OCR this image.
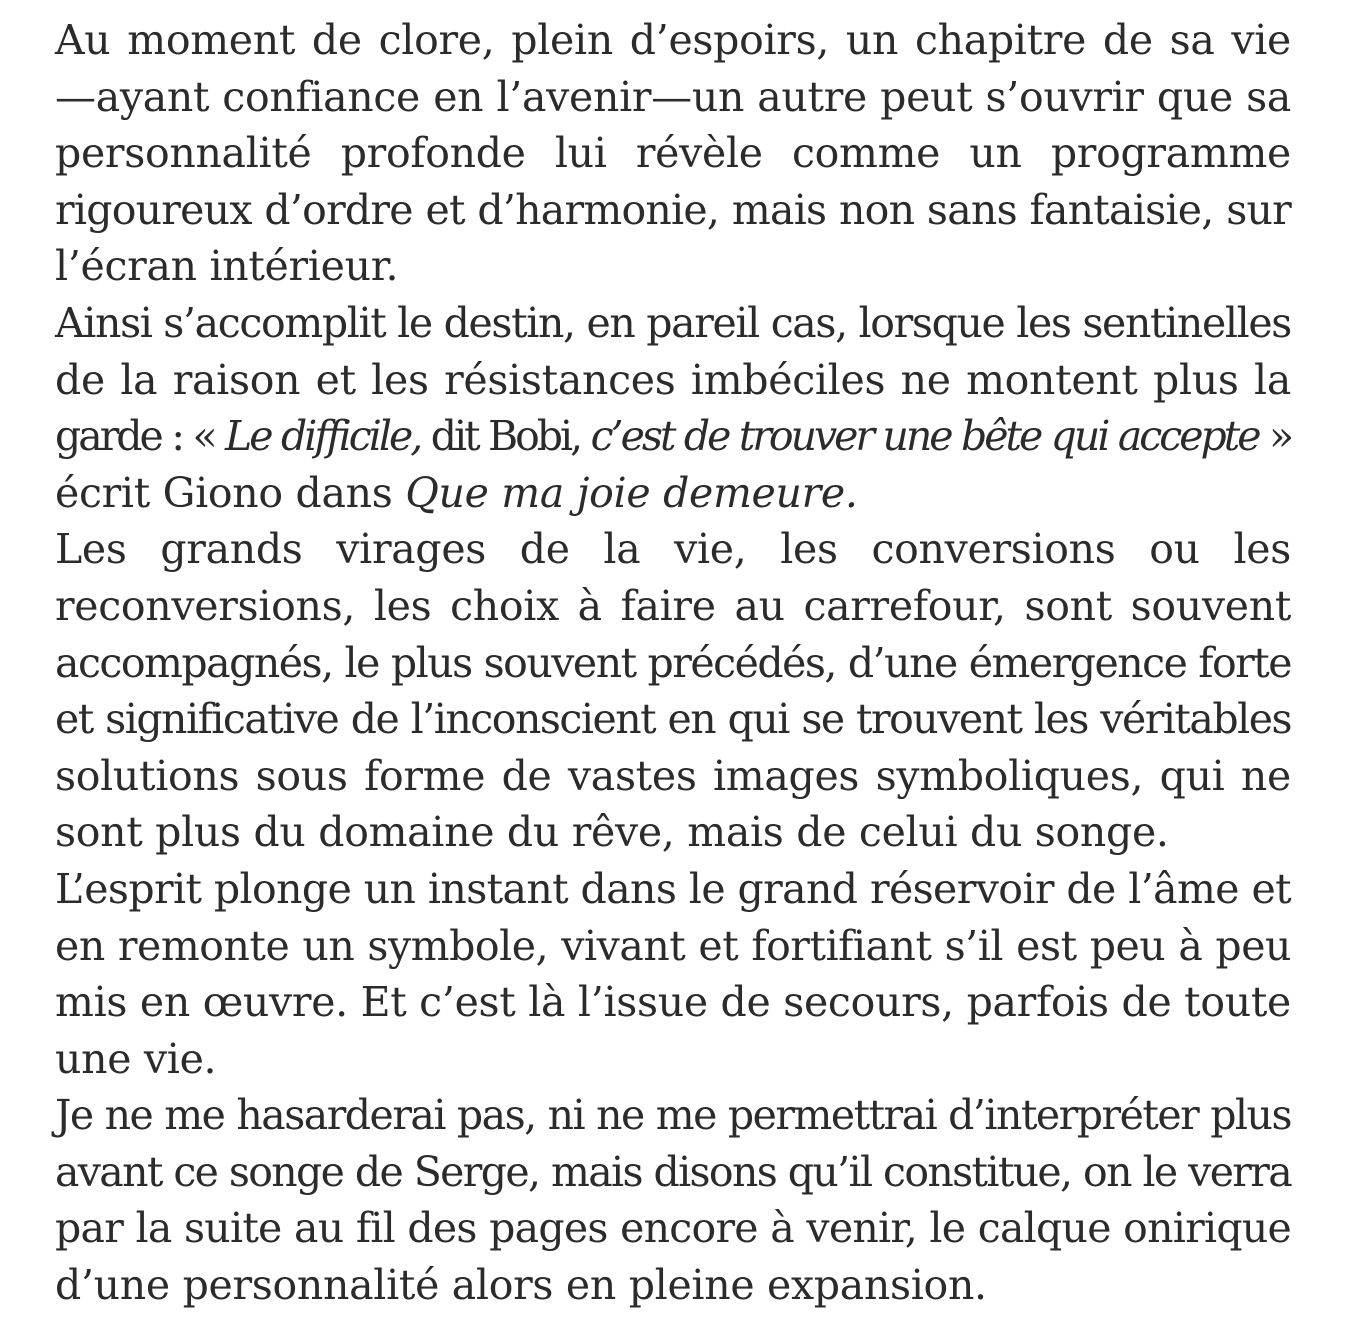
Au moment de clore, plein d’espoirs, un chapitre de sa vie
—ayant confiance en l’avenir—un autre peut s’ouvrir que sa
personnalité profonde lui révèle comme un programme
rigoureux d’ordre et d’harmonie, mais non sans fantaisie, sur
l’écran intérieur.
Ainsi s’accomplit le destin, en pareil cas, lorsque les sentinelles
de la raison et les résistances imbéciles ne montent plus la
garde : « Le difficile, dit Bobi, c’est de trouver une bête qui accepte »
écrit Giono dans Que ma joie demeure.
Les grands virages de la vie, les conversions ou les
reconversions, les choix à faire au carrefour, sont souvent
accompagnés, le plus souvent précédés, d’une émergence forte
et significative de l’inconscient en qui se trouvent les véritables
solutions sous forme de vastes images symboliques, qui ne
sont plus du domaine du rêve, mais de celui du songe.
L’esprit plonge un instant dans le grand réservoir de l’âme et
en remonte un symbole, vivant et fortifiant s’il est peu à peu
mis en œuvre. Et c’est là l’issue de secours, parfois de toute
une vie.
Je ne me hasarderai pas, ni ne me permettrai d’interpréter plus
avant ce songe de Serge, mais disons qu’il constitue, on le verra
par la suite au fil des pages encore à venir, le calque onirique
d’une personnalité alors en pleine expansion.
